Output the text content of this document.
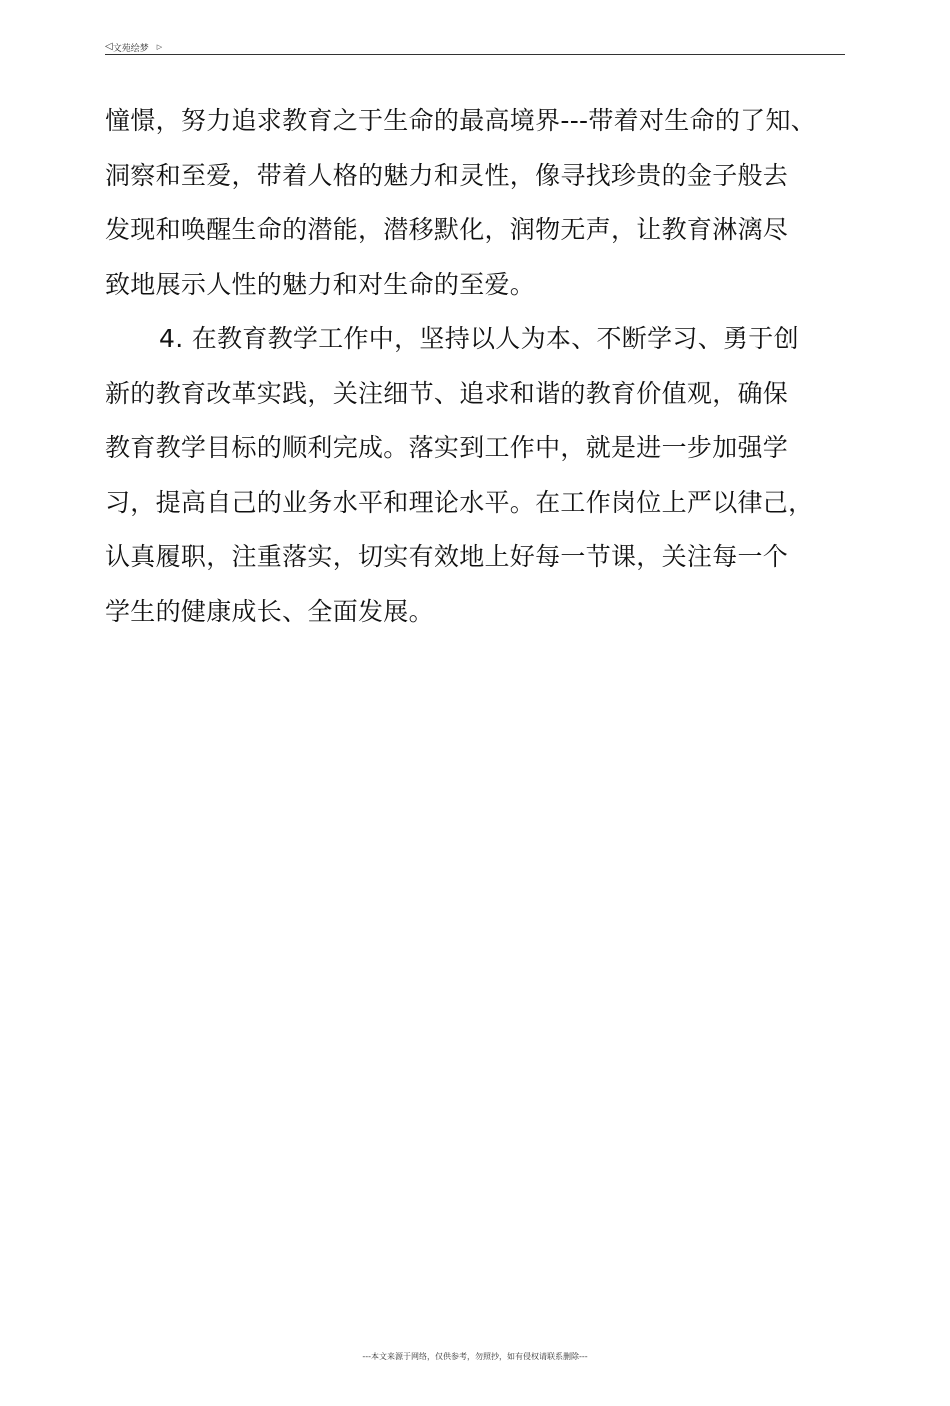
◁ 文苑绘梦 ▷
憧憬，努力追求教育之于生命的最高境界---带着对生命的了知、
洞察和至爱，带着人格的魅力和灵性，像寻找珍贵的金子般去
发现和唤醒生命的潜能，潜移默化，润物无声，让教育淋漓尽
致地展示人性的魅力和对生命的至爱。
4. 在教育教学工作中，坚持以人为本、不断学习、勇于创
新的教育改革实践，关注细节、追求和谐的教育价值观，确保
教育教学目标的顺利完成。落实到工作中，就是进一步加强学
习，提高自己的业务水平和理论水平。在工作岗位上严以律己，
认真履职，注重落实，切实有效地上好每一节课，关注每一个
学生的健康成长、全面发展。
---本文来源于网络，仅供参考，勿照抄，如有侵权请联系删除---
